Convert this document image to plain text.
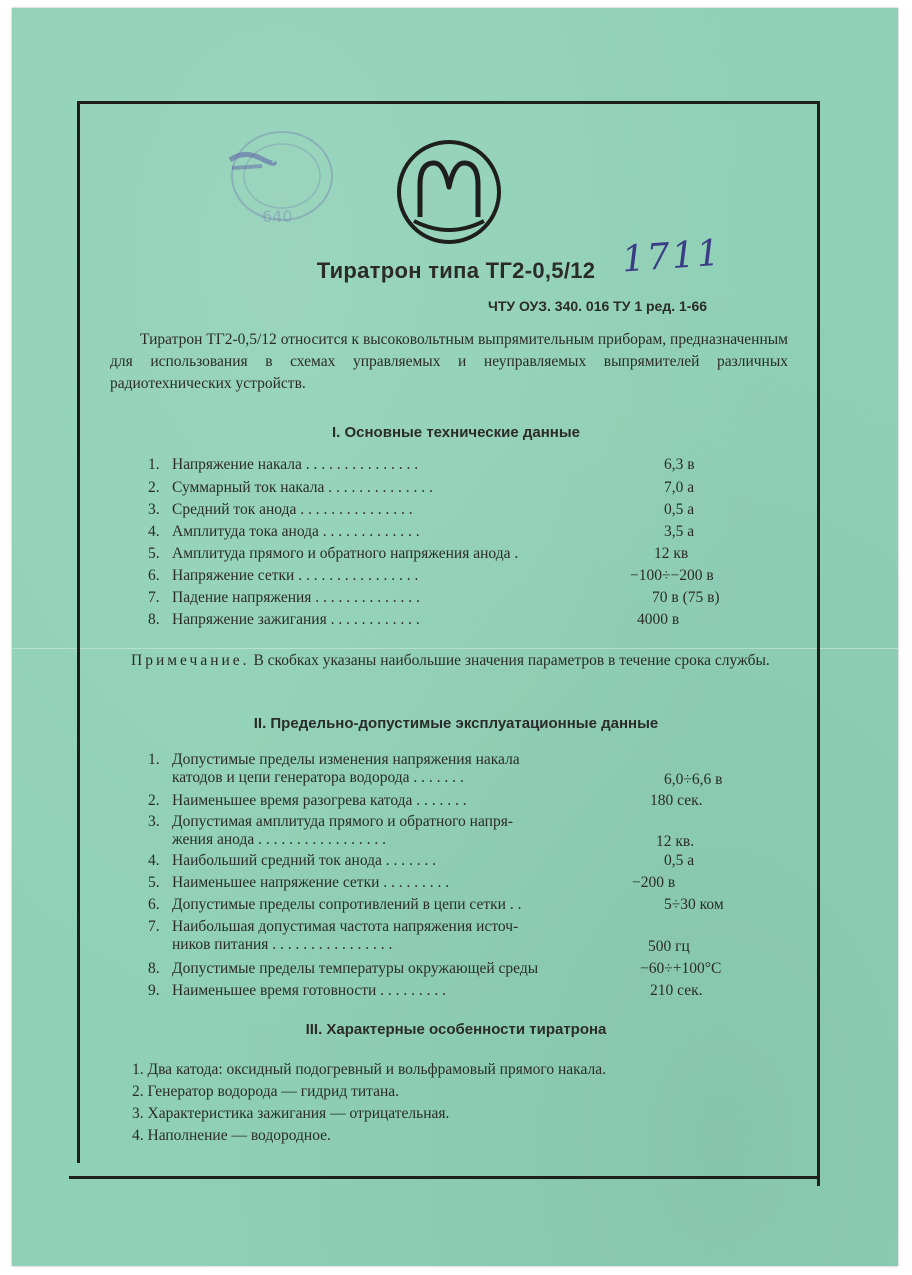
640
Тиратрон типа ТГ2-0,5/12 1711
ЧТУ ОУЗ. 340. 016 ТУ 1 ред. 1-66
Тиратрон ТГ2-0,5/12 относится к высоковольтным выпрямительным приборам, предназначенным для использования в схемах управляемых и неуправляемых выпрямителей различных радиотехнических устройств.
I. Основные технические данные
1. Напряжение накала . . . . . . . . . . . . . . .	6,3 в
2. Суммарный ток накала . . . . . . . . . . . . . .	7,0 а
3. Средний ток анода . . . . . . . . . . . . . . .	0,5 а
4. Амплитуда тока анода . . . . . . . . . . . . .	3,5 а
5. Амплитуда прямого и обратного напряжения анода .	12 кв
6. Напряжение сетки . . . . . . . . . . . . . . . .	−100÷−200 в
7. Падение напряжения . . . . . . . . . . . . . .	70 в (75 в)
8. Напряжение зажигания . . . . . . . . . . . .	4000 в
Примечание. В скобках указаны наибольшие значения параметров в течение срока службы.
II. Предельно-допустимые эксплуатационные данные
1. Допустимые пределы изменения напряжения накала
катодов и цепи генератора водорода . . . . . . .	6,0÷6,6 в
2. Наименьшее время разогрева катода . . . . . . .	180 сек.
3. Допустимая амплитуда прямого и обратного напря-
жения анода . . . . . . . . . . . . . . . . .	12 кв.
4. Наибольший средний ток анода . . . . . . .	0,5 а
5. Наименьшее напряжение сетки . . . . . . . . .	−200 в
6. Допустимые пределы сопротивлений в цепи сетки . .	5÷30 ком
7. Наибольшая допустимая частота напряжения источ-
ников питания . . . . . . . . . . . . . . . .	500 гц
8. Допустимые пределы температуры окружающей среды	−60÷+100°С
9. Наименьшее время готовности . . . . . . . . .	210 сек.
III. Характерные особенности тиратрона
1. Два катода: оксидный подогревный и вольфрамовый прямого накала.
2. Генератор водорода — гидрид титана.
3. Характеристика зажигания — отрицательная.
4. Наполнение — водородное.
